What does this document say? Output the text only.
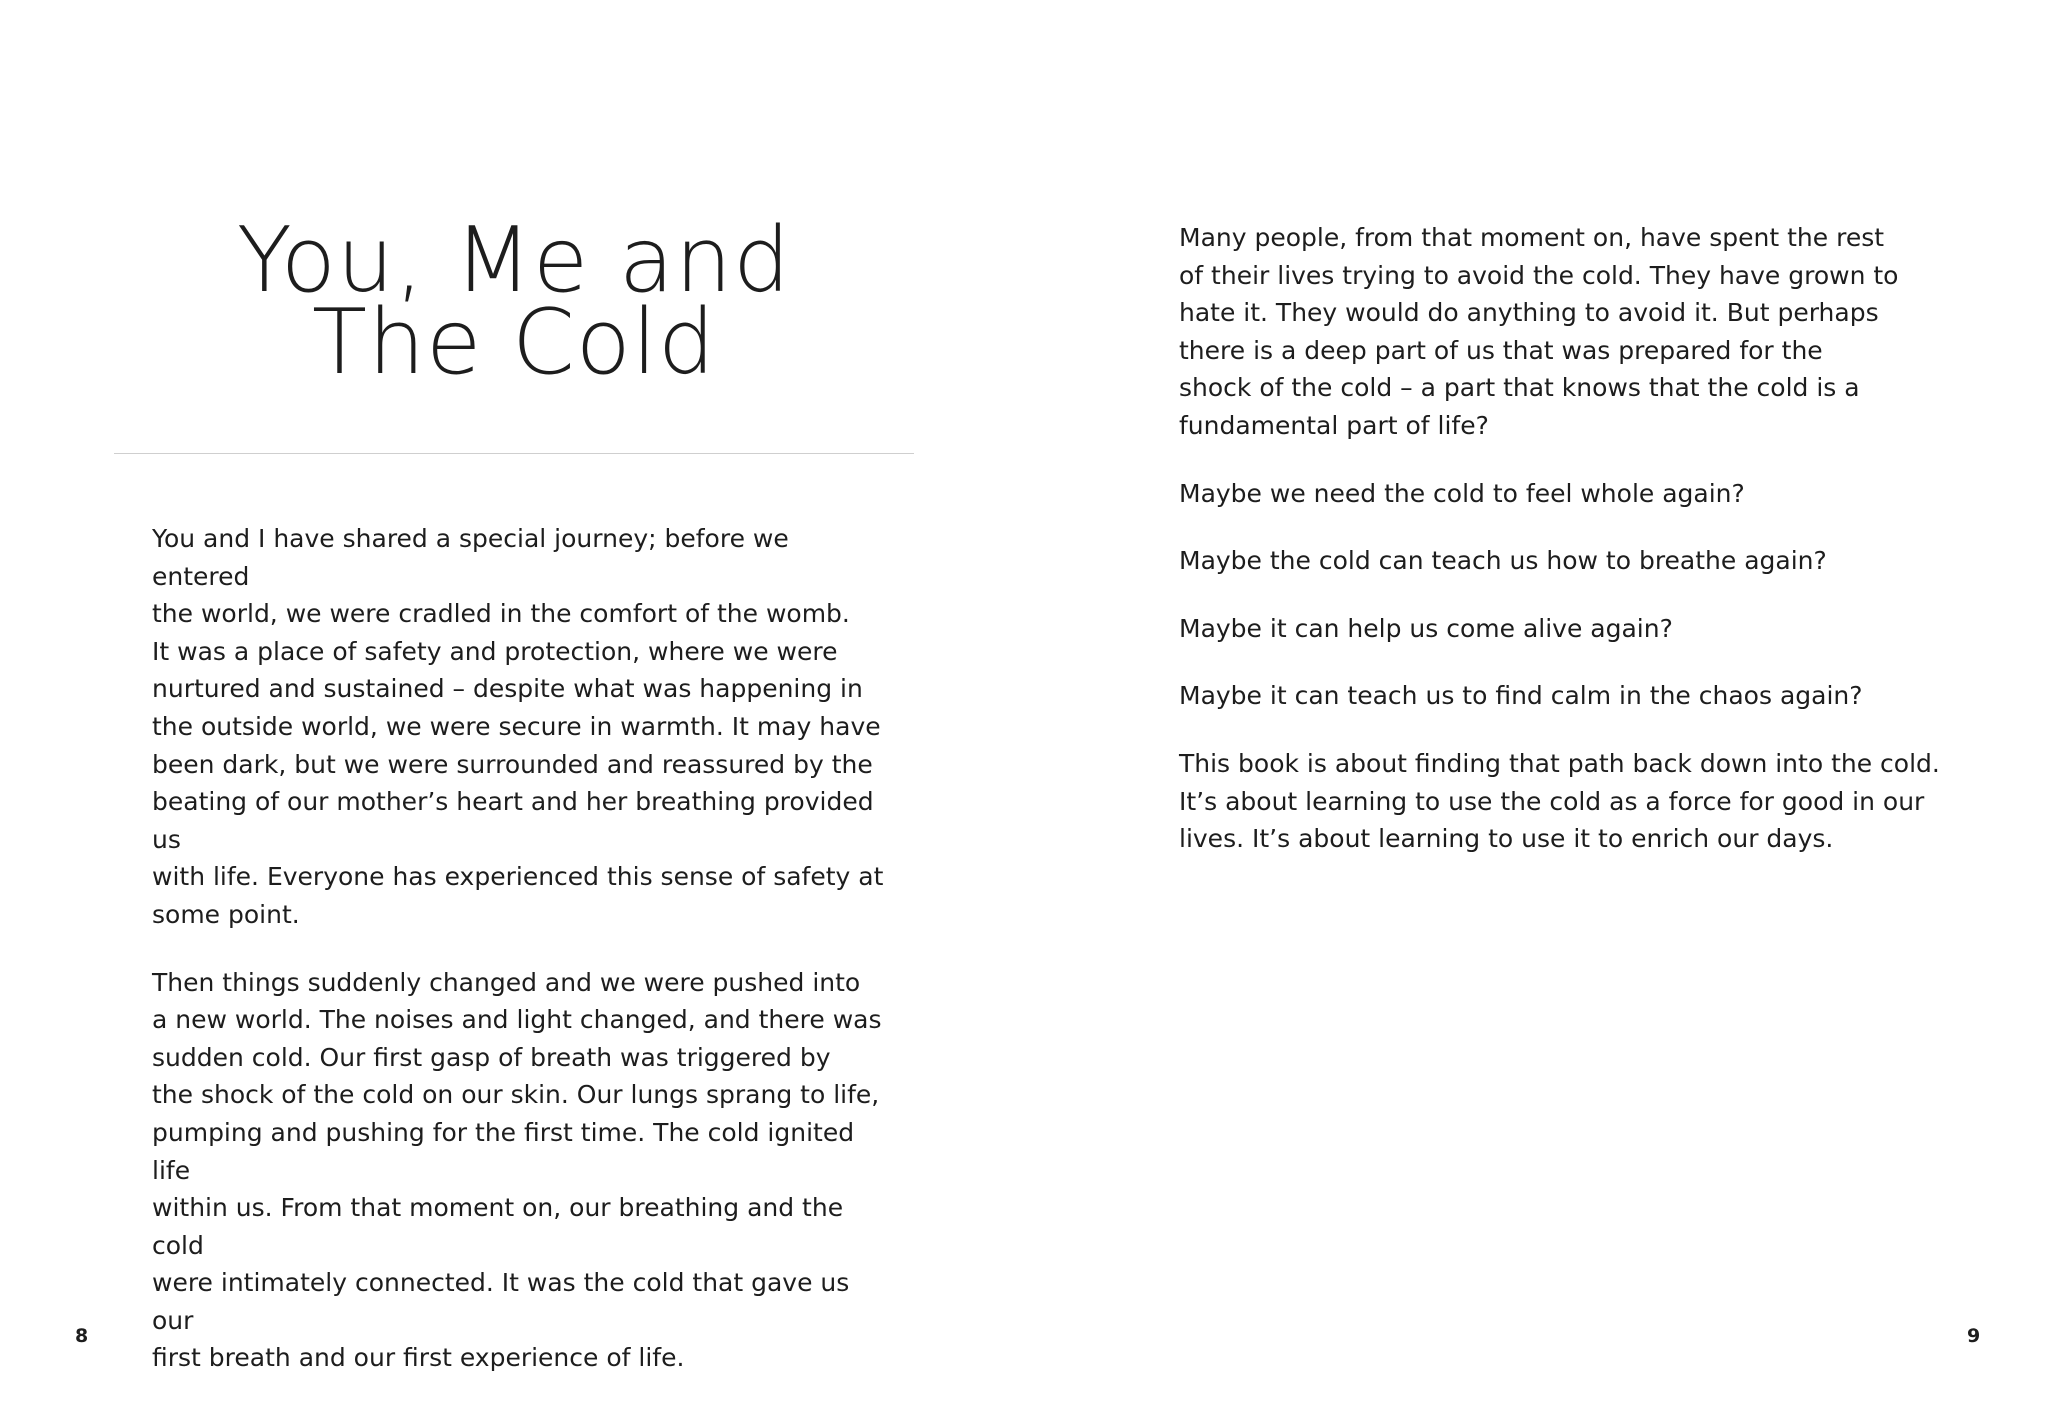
You, Me and
The Cold

You and I have shared a special journey; before we entered
the world, we were cradled in the comfort of the womb.
It was a place of safety and protection, where we were
nurtured and sustained – despite what was happening in
the outside world, we were secure in warmth. It may have
been dark, but we were surrounded and reassured by the
beating of our mother’s heart and her breathing provided us
with life. Everyone has experienced this sense of safety at
some point.

Then things suddenly changed and we were pushed into
a new world. The noises and light changed, and there was
sudden cold. Our first gasp of breath was triggered by
the shock of the cold on our skin. Our lungs sprang to life,
pumping and pushing for the first time. The cold ignited life
within us. From that moment on, our breathing and the cold
were intimately connected. It was the cold that gave us our
first breath and our first experience of life.

8

Many people, from that moment on, have spent the rest
of their lives trying to avoid the cold. They have grown to
hate it. They would do anything to avoid it. But perhaps
there is a deep part of us that was prepared for the
shock of the cold – a part that knows that the cold is a
fundamental part of life?

Maybe we need the cold to feel whole again?

Maybe the cold can teach us how to breathe again?

Maybe it can help us come alive again?

Maybe it can teach us to find calm in the chaos again?

This book is about finding that path back down into the cold.
It’s about learning to use the cold as a force for good in our
lives. It’s about learning to use it to enrich our days.

9
